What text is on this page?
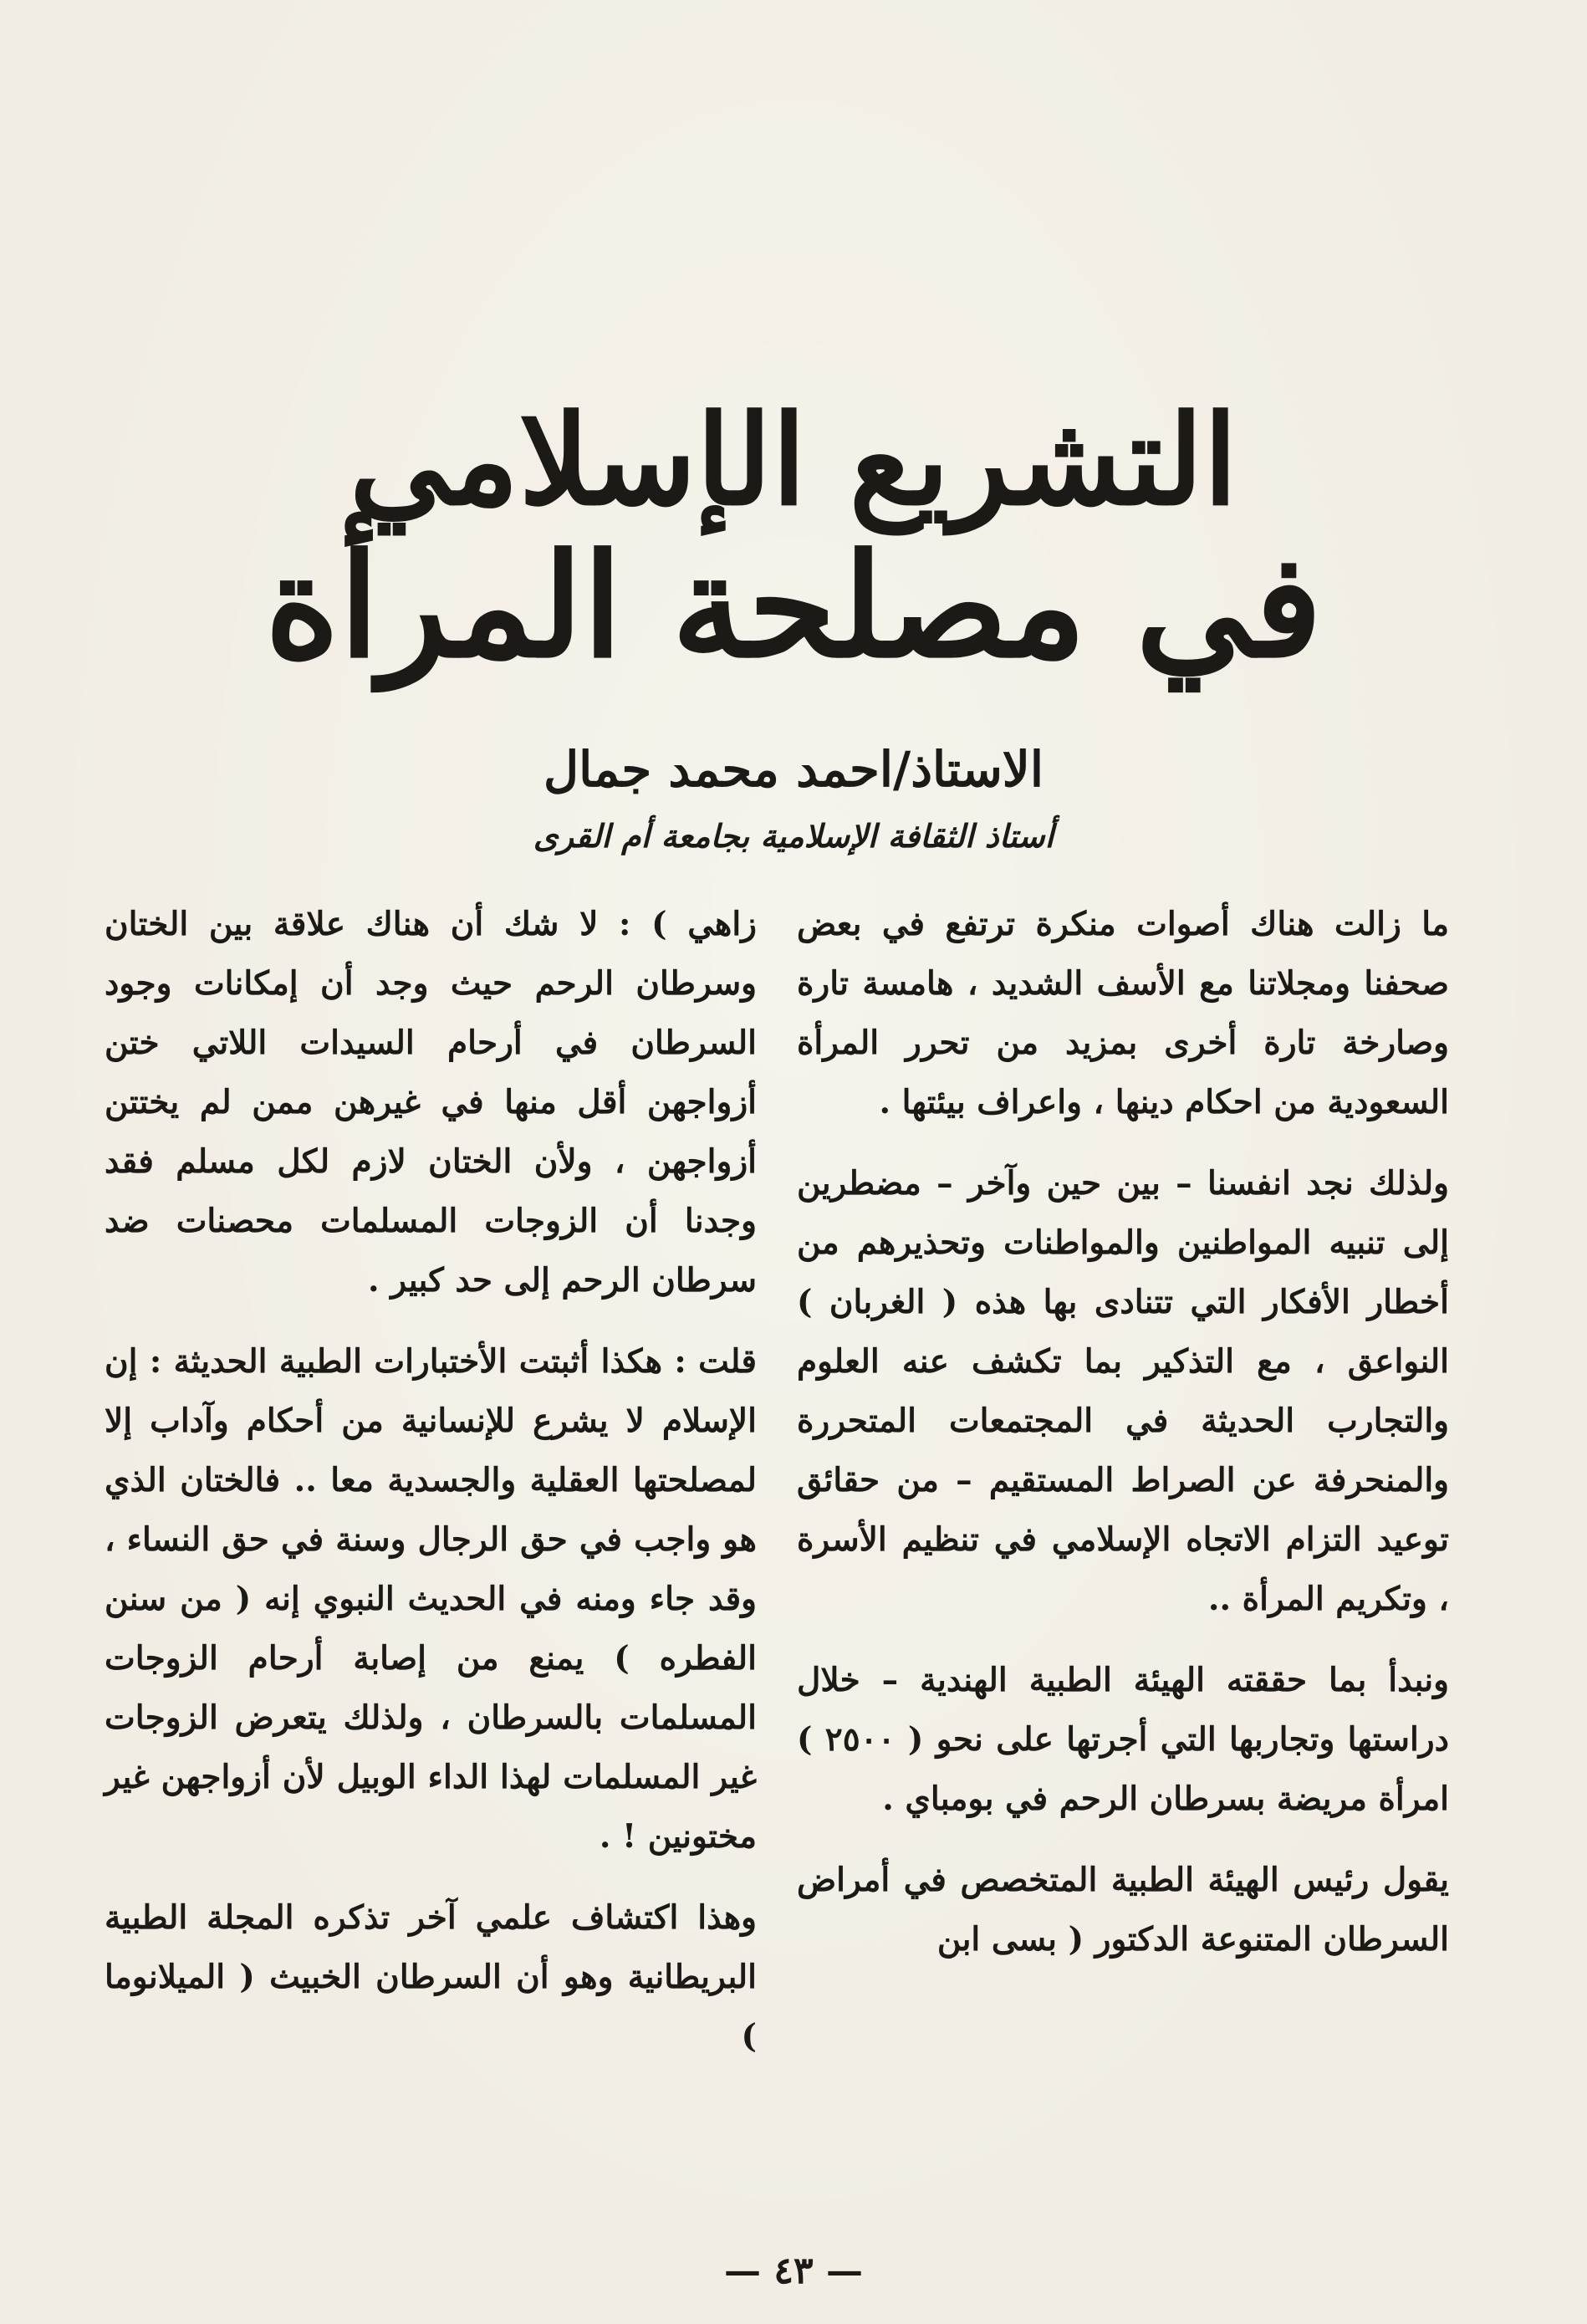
التشريع الإسلامي
في مصلحة المرأة
الاستاذ/احمد محمد جمال
أستاذ الثقافة الإسلامية بجامعة أم القرى

ما زالت هناك أصوات منكرة ترتفع في بعض صحفنا ومجلاتنا مع الأسف الشديد ، هامسة تارة وصارخة تارة أخرى بمزيد من تحرر المرأة السعودية من احكام دينها ، واعراف بيئتها .

ولذلك نجد انفسنا – بين حين وآخر – مضطرين إلى تنبيه المواطنين والمواطنات وتحذيرهم من أخطار الأفكار التي تتنادى بها هذه ( الغربان ) النواعق ، مع التذكير بما تكشف عنه العلوم والتجارب الحديثة في المجتمعات المتحررة والمنحرفة عن الصراط المستقيم – من حقائق توعيد التزام الاتجاه الإسلامي في تنظيم الأسرة ، وتكريم المرأة ..

ونبدأ بما حققته الهيئة الطبية الهندية – خلال دراستها وتجاربها التي أجرتها على نحو ( ٢٥٠٠ ) امرأة مريضة بسرطان الرحم في بومباي .

يقول رئيس الهيئة الطبية المتخصص في أمراض السرطان المتنوعة الدكتور ( بسى ابن

زاهي ) : لا شك أن هناك علاقة بين الختان وسرطان الرحم حيث وجد أن إمكانات وجود السرطان في أرحام السيدات اللاتي ختن أزواجهن أقل منها في غيرهن ممن لم يختتن أزواجهن ، ولأن الختان لازم لكل مسلم فقد وجدنا أن الزوجات المسلمات محصنات ضد سرطان الرحم إلى حد كبير .

قلت : هكذا أثبتت الأختبارات الطبية الحديثة : إن الإسلام لا يشرع للإنسانية من أحكام وآداب إلا لمصلحتها العقلية والجسدية معا .. فالختان الذي هو واجب في حق الرجال وسنة في حق النساء ، وقد جاء ومنه في الحديث النبوي إنه ( من سنن الفطره ) يمنع من إصابة أرحام الزوجات المسلمات بالسرطان ، ولذلك يتعرض الزوجات غير المسلمات لهذا الداء الوبيل لأن أزواجهن غير مختونين ! .

وهذا اكتشاف علمي آخر تذكره المجلة الطبية البريطانية وهو أن السرطان الخبيث ( الميلانوما )

— ٤٣ —
